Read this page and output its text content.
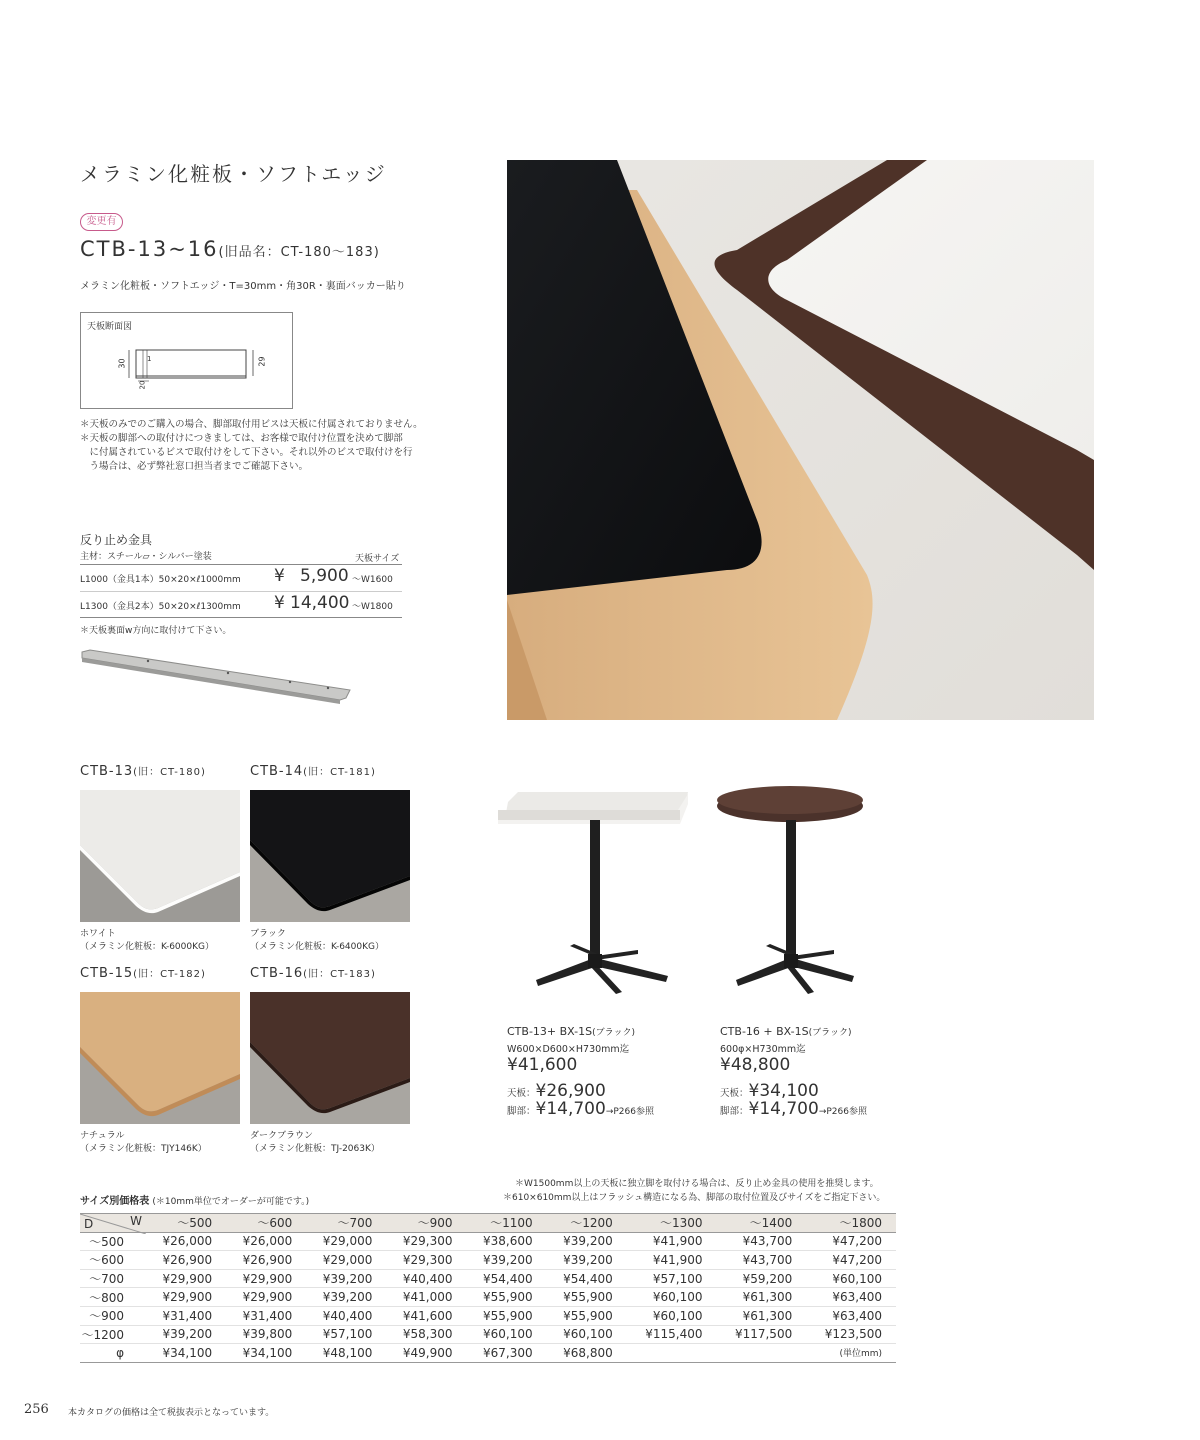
メラミン化粧板・ソフトエッジ
変更有
CTB-13~16(旧品名：CT-180～183)
メラミン化粧板・ソフトエッジ・T=30mm・角30R・裏面バッカー貼り
天板断面図
30	29
1
20
＊天板のみでのご購入の場合、脚部取付用ビスは天板に付属されておりません。
＊天板の脚部への取付けにつきましては、お客様で取付け位置を決めて脚部
　に付属されているビスで取付けをして下さい。それ以外のビスで取付けを行
　う場合は、必ず弊社窓口担当者までご確認下さい。
反り止め金具
主材：スチール▱・シルバー塗装	天板サイズ
L1000（金具1本）50×20×ℓ1000mm ¥ 5,900 ～W1600
L1300（金具2本）50×20×ℓ1300mm ¥ 14,400 ～W1800
＊天板裏面w方向に取付けて下さい。
CTB-13(旧：CT-180)	CTB-14(旧：CT-181)
ホワイト
（メラミン化粧板：K-6000KG）
ブラック
（メラミン化粧板：K-6400KG）
CTB-15(旧：CT-182)	CTB-16(旧：CT-183)
ナチュラル
（メラミン化粧板：TJY146K）
ダークブラウン
（メラミン化粧板：TJ-2063K）
CTB-13+ BX-1S(ブラック)
W600×D600×H730mm迄
¥41,600
天板：¥26,900
脚部：¥14,700→P266参照
CTB-16 + BX-1S(ブラック)
600φ×H730mm迄
¥48,800
天板：¥34,100
脚部：¥14,700→P266参照
＊W1500mm以上の天板に独立脚を取付ける場合は、反り止め金具の使用を推奨します。
＊610×610mm以上はフラッシュ構造になる為、脚部の取付位置及びサイズをご指定下さい。
サイズ別価格表 (＊10mm単位でオーダーが可能です。)
D W	～500	～600	～700	～900	～1100	～1200	～1300	～1400	～1800
～500	¥26,000	¥26,000	¥29,000	¥29,300	¥38,600	¥39,200	¥41,900	¥43,700	¥47,200
～600	¥26,900	¥26,900	¥29,000	¥29,300	¥39,200	¥39,200	¥41,900	¥43,700	¥47,200
～700	¥29,900	¥29,900	¥39,200	¥40,400	¥54,400	¥54,400	¥57,100	¥59,200	¥60,100
～800	¥29,900	¥29,900	¥39,200	¥41,000	¥55,900	¥55,900	¥60,100	¥61,300	¥63,400
～900	¥31,400	¥31,400	¥40,400	¥41,600	¥55,900	¥55,900	¥60,100	¥61,300	¥63,400
～1200	¥39,200	¥39,800	¥57,100	¥58,300	¥60,100	¥60,100	¥115,400	¥117,500	¥123,500
φ	¥34,100	¥34,100	¥48,100	¥49,900	¥67,300	¥68,800			(単位mm)
256 本カタログの価格は全て税抜表示となっています。
